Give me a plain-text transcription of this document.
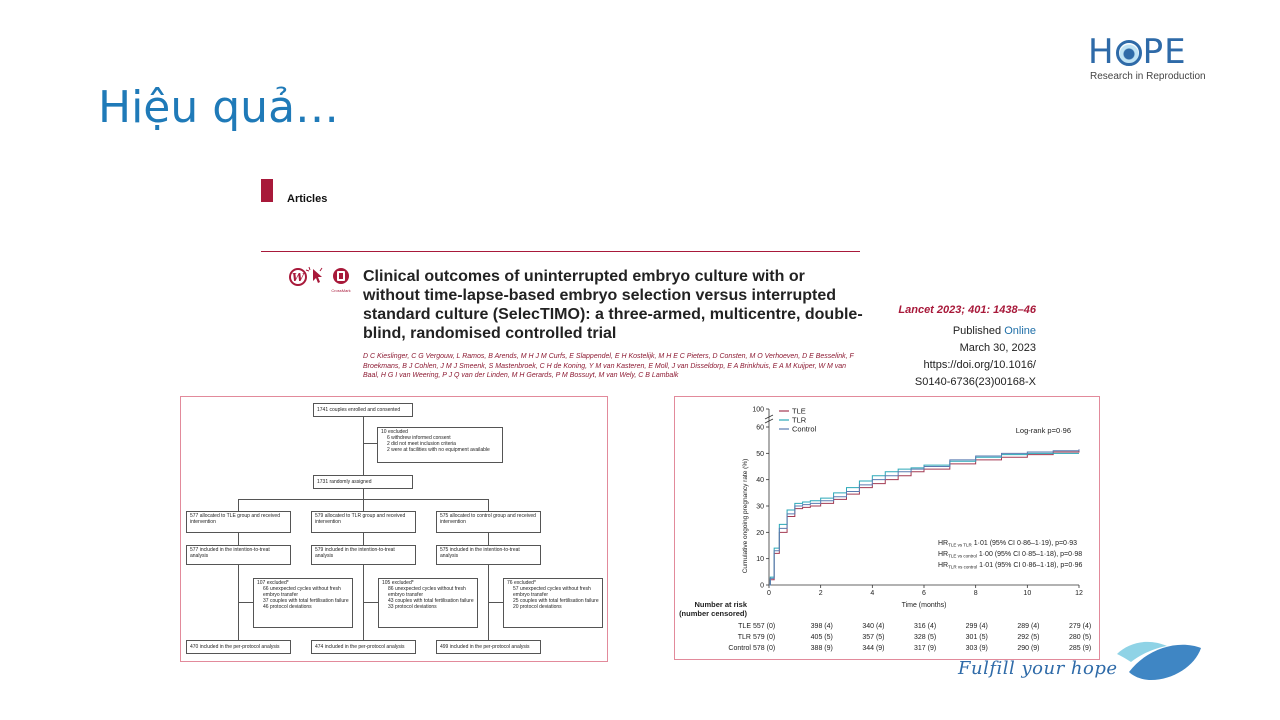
Hiệu quả…
H PE
Research in Reproduction
Articles
W
CrossMark
Clinical outcomes of uninterrupted embryo culture with or without time-lapse-based embryo selection versus interrupted standard culture (SelecTIMO): a three-armed, multicentre, double-blind, randomised controlled trial
D C Kieslinger, C G Vergouw, L Ramos, B Arends, M H J M Curfs, E Slappendel, E H Kostelijk, M H E C Pieters, D Consten, M O Verhoeven, D E Besselink, F Broekmans, B J Cohlen, J M J Smeenk, S Mastenbroek, C H de Koning, Y M van Kasteren, E Moll, J van Disseldorp, E A Brinkhuis, E A M Kuijper, W M van Baal, H G I van Weering, P J Q van der Linden, M H Gerards, P M Bossuyt, M van Wely, C B Lambalk
Lancet 2023; 401: 1438–46
Published Online
March 30, 2023
https://doi.org/10.1016/
S0140-6736(23)00168-X
1741 couples enrolled and consented
10 excluded
6 withdrew informed consent
2 did not meet inclusion criteria
2 were at facilities with no equipment available
1731 randomly assigned
577 allocated to TLE group and received intervention
579 allocated to TLR group and received intervention
575 allocated to control group and received intervention
577 included in the intention-to-treat analysis
579 included in the intention-to-treat analysis
575 included in the intention-to-treat analysis
107 excluded*
66 unexpected cycles without fresh embryo transfer
37 couples with total fertilisation failure
46 protocol deviations
105 excluded*
86 unexpected cycles without fresh embryo transfer
43 couples with total fertilisation failure
33 protocol deviations
76 excluded*
57 unexpected cycles without fresh embryo transfer
25 couples with total fertilisation failure
20 protocol deviations
470 included in the per-protocol analysis	474 included in the per-protocol analysis	499 included in the per-protocol analysis
0
10
20
30
40
50
60
100
0	2	4	6	8	10	12
Time (months)
Cumulative ongoing pregnancy rate (%)
TLE
TLR
Control	Log-rank p=0·96
$HR_{TLE vs TLR}$ 1·01 (95% CI 0·86–1·19), p=0·93
$HR_{TLE vs control}$ 1·00 (95% CI 0·85–1·18), p=0·98
$HR_{TLR vs control}$ 1·01 (95% CI 0·86–1·18), p=0·96
Number at risk
(number censored)
TLE 557 (0)	398 (4)	340 (4)	316 (4)	299 (4)	289 (4)	279 (4)
TLR 579 (0)	405 (5)	357 (5)	328 (5)	301 (5)	292 (5)	280 (5)
Control 578 (0)	388 (9)	344 (9)	317 (9)	303 (9)	290 (9)	285 (9)
Fulfill your hope
